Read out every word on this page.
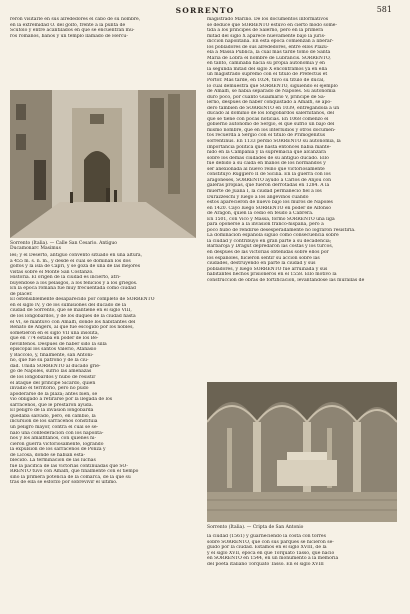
SORRENTO	581
reron visitarle en sus alrededores el cabo de su nombre,
en la extremidad O. del golfo, frente á la punta de
Scutolo y entre acantilados en que se encuentran mu-
ros romanos, baños y un templo llamado de Hercu-
Sorrento (Italia). — Calle San Cesario. Antiguo
Ducamonarc Masimus
les; y el Deserto, antiguo convento situado en una altura,
á 455 m. s. n. m., y desde el cual se dominan los dos
golfos y la isla de Capri, y se goza de una de las mejores
vistas sobre el Monte San Costanzo.
Historia. El origen de la ciudad es incierto, atri-
buyéndose á los pelasgos, á los fenicios y á los griegos.
En la época romana fué muy frecuentada como ciudad
de placer.
El ostensiblemente desaparecido por completo de SORRENTO
en el siglo IV, y de los sumisiones del ducado de la
ciudad de Sorrento, que se mantiene en el siglo VIII,
de los longobardos, y de los duques de la ciudad hasta
el VI, se mantuvo con Amalfi, donde los habitantes del
Renato de Angers, al que fue escogido por los nobles,
sometieron en el siglo VII una insólita,
que en 774 estaba en poder de los Be-
nevintenos. Después de haber sido la silla
episcopal los santos Valerio, Atanasio
y Baccolo, y, finalmente, san Antoni-
no, que fue su patrono y de la ciu-
dad. Unida SORRENTO al ducado grie-
go de Nápoles, sufrió las amenazas
de los longobardos y hubo de resistir
el ataque del príncipe Sicardo, quien
invadió el territorio, pero no pudo
apoderarse de la plaza; antes bien, se
vió obligado á retirarse por la llegada de los
sarracenos, que le prestaron ayuda.
El peligro de la invasión longobarda
quedaba salvado, pero, en cambio, la
incursión de los sarracenos constituía
un peligro mayor, contra el cual se se-
ñaló una confederación con los napolita-
nos y los amalfitanos, con quienes hi-
cieron guerra victoriosamente, logrando
la expulsión de los sarracenos de Ponza y
de Licosa, donde se habían esta-
blecido. La terminación de las luchas
fue la pacífica de las victorias continuadas que SO-
RRENTO tuvo con Amalfi, que finalmente con el tiempo
sino la primera potencia de la comarca, de la que su
trás de ella se esforzó por sobrevivir el último.
magistrado Marino. De los documentos informativos
se deduce que SORRENTO estuvo en cierto modo some-
tida á los príncipes de Salerno, pero en la primera
mitad del siglo X aparece nuevamente bajo la juris-
dicción napolitana. En esta época comienzan á liberar-
los pobladores de sus alrededores, entre ellos Plazu-
ela á Massa Publica, la cual más tarde tomó de Santa
María de Lobra el nombre de Lubrancis. SORRENTO,
en tanto, caminaba hacia su propia autonomía y en
la segunda mitad del siglo X encontramos ya en ella
un magistrado supremo con el título de Prefectus et
Portor. Más tarde, en 1024, tuvo su título de ducal,
lo cual demuestra que SORRENTO, siguiendo el ejemplo
de Amalfi, se había separado de Nápoles. Su autonomía
duró poco, por cuanto Guaimario V, príncipe de Sa-
lerno, después de haber conquistado á Amalfi, se apo-
deró también de SORRENTO en 1039, entregándola á un
ducado al dominio de los longobardos salernitanos, del
que se tiene con pocas noticias. En 1068 comenzó el
gobierno autónomo de Sergio, el que sufrió un bajo del
mismo nombre, que en los interludios y otros documen-
tos recuerda á Sergio con el título de Primogenitus
sorrentinus. En 1133 perdió SORRENTO su autonomía, la
importancia política que hasta entonces había mante-
nido en la Campania y la supremacía que alcanzara
sobre los demás ciudades de su antiguo ducado. Ello
fué debido á su caída en manos de los normandos y
ser anexionada al nuevo reino que victoriosamente
constituyó Ruggiero II de Sicilia. En la guerra con los
aragoneses, SORRENTO ayudó á Carlos de Anjou con
galeras propias, que fueron derrotadas en 1284. A la
muerte de Juana I, la ciudad permaneció fiel á los
Durazzeschi y luego á los angevinos cuando
éstos aparecieron de nuevo bajo los muros de Nápoles
en 1420. Cayó luego SORRENTO en poder de Alfonso
de Aragón, quien la cedió en feudo á Cabrera.
En 1501, con Vico y Massa, formó SORRENTO una liga
para oponerse á la invasión franco-hispana, pero á
poco hubo de rendirse desesperadamente no lograron resistirla.
La dominación española siguió como consecuencia sobre
la ciudad y contribuyó en gran parte á su decadencia;
Barbaroja y Dragut depredaron las costas y los turcos,
en después de las victorias obtenidas sobre ellos por
los españoles, hicieron sentir su acción sobre las
ciudades, destruyendo en parte la ciudad y sus
pobladores, y luego SORRENTO fué arruinada y sus
habitantes hechos prisioneros en el 1558. Ello motivó la
construcción de obras de fortificación, levantándose las murallas de
Sorrento (Italia). — Cripta de San Antonio
la ciudad (1561) y guarneciendo la costa con torres
sobre SORRENTO, que con sus parques se hicieron se-
guido por la ciudad. Estamos en el siglo XVIII, de la
y el siglo XVII, época en que Torquato Tasso, que nació
en SORRENTO en 1544, en un monumento á la memoria
del poeta italiano Torquato Tasso. En el siglo XVIII
